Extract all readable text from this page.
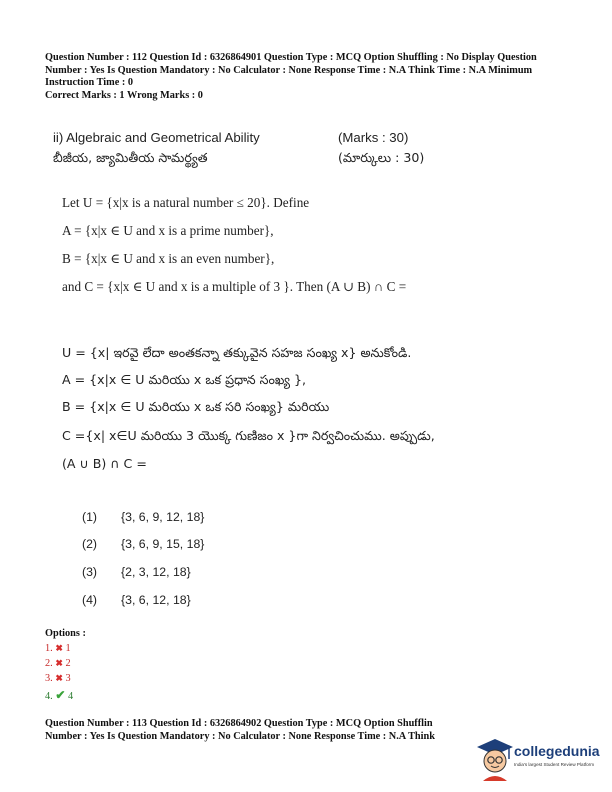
Question Number : 112 Question Id : 6326864901 Question Type : MCQ Option Shuffling : No Display Question Number : Yes Is Question Mandatory : No Calculator : None Response Time : N.A Think Time : N.A Minimum Instruction Time : 0
Correct Marks : 1 Wrong Marks : 0
ii) Algebraic and Geometrical Ability	(Marks : 30)
బీజీయ, జ్యామితీయ సామర్థ్యత	(మార్కులు : 30)
Let U = {x|x is a natural number ≤ 20}. Define
A = {x|x ∈ U and x is a prime number},
B = {x|x ∈ U and x is an even number},
and C = {x|x ∈ U and x is a multiple of 3 }. Then (A ∪ B) ∩ C =
U = {x| ఇరవై లేదా అంతకన్నా తక్కువైన సహజ సంఖ్య x} అనుకోండి.
A = {x|x ∈ U మరియు x ఒక ప్రధాన సంఖ్య },
B = {x|x ∈ U మరియు x ఒక సరి సంఖ్య} మరియు
C ={x| x∈U మరియు 3 యొక్క గుణిజం x }గా నిర్వచించుము. అప్పుడు,
(A ∪ B) ∩ C =
(1) {3, 6, 9, 12, 18}
(2) {3, 6, 9, 15, 18}
(3) {2, 3, 12, 18}
(4) {3, 6, 12, 18}
Options :
1. ✖ 1
2. ✖ 2
3. ✖ 3
4. ✔ 4
Question Number : 113 Question Id : 6326864902 Question Type : MCQ Option Shufflin
Number : Yes Is Question Mandatory : No Calculator : None Response Time : N.A Think
collegedunia
India's largest Student Review Platform
